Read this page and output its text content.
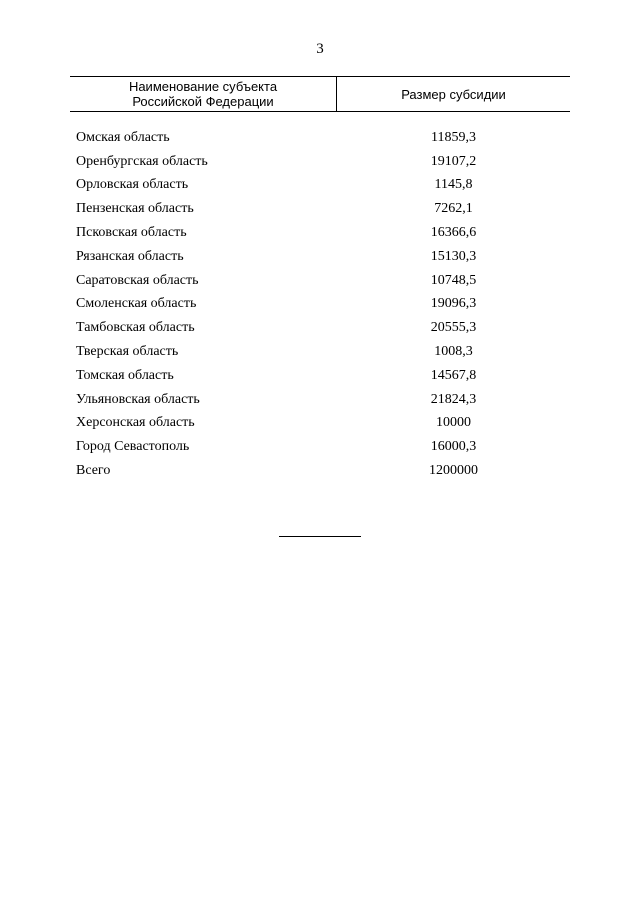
3
Наименование субъекта
Российской Федерации	Размер субсидии
Омская область	11859,3
Оренбургская область	19107,2
Орловская область	1145,8
Пензенская область	7262,1
Псковская область	16366,6
Рязанская область	15130,3
Саратовская область	10748,5
Смоленская область	19096,3
Тамбовская область	20555,3
Тверская область	1008,3
Томская область	14567,8
Ульяновская область	21824,3
Херсонская область	10000
Город Севастополь	16000,3
Всего	1200000
